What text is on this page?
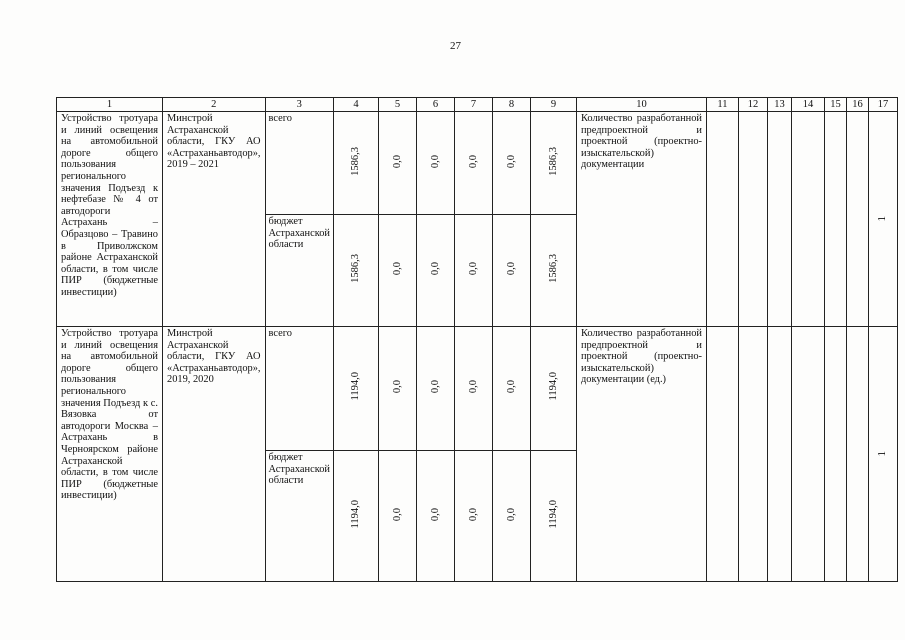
27
1	2	3	4	5	6	7	8	9	10	11	12	13	14	15	16	17

Устройство тротуара и линий освещения на автомобильной дороге общего пользования регионального значения Подъезд к нефтебазе № 4 от автодороги Астрахань – Образцово – Травино в Приволжском районе Астраханской области, в том числе ПИР (бюджетные инвестиции)	Минстрой Астраханской области, ГКУ АО «Астраханьавтодор», 2019 – 2021	всего	1586,3	0,0	0,0	0,0	0,0	1586,3	Количество разработанной предпроектной и проектной (проектно-изыскательской) документации							1

		бюджет Астраханской области	1586,3	0,0	0,0	0,0	0,0	1586,3								

Устройство тротуара и линий освещения на автомобильной дороге общего пользования регионального значения Подъезд к с. Вязовка от автодороги Москва – Астрахань в Черноярском районе Астраханской области, в том числе ПИР (бюджетные инвестиции)	Минстрой Астраханской области, ГКУ АО «Астраханьавтодор», 2019, 2020	всего	1194,0	0,0	0,0	0,0	0,0	1194,0	Количество разработанной предпроектной и проектной (проектно-изыскательской) документации (ед.)							1

		бюджет Астраханской области	1194,0	0,0	0,0	0,0	0,0	1194,0								
